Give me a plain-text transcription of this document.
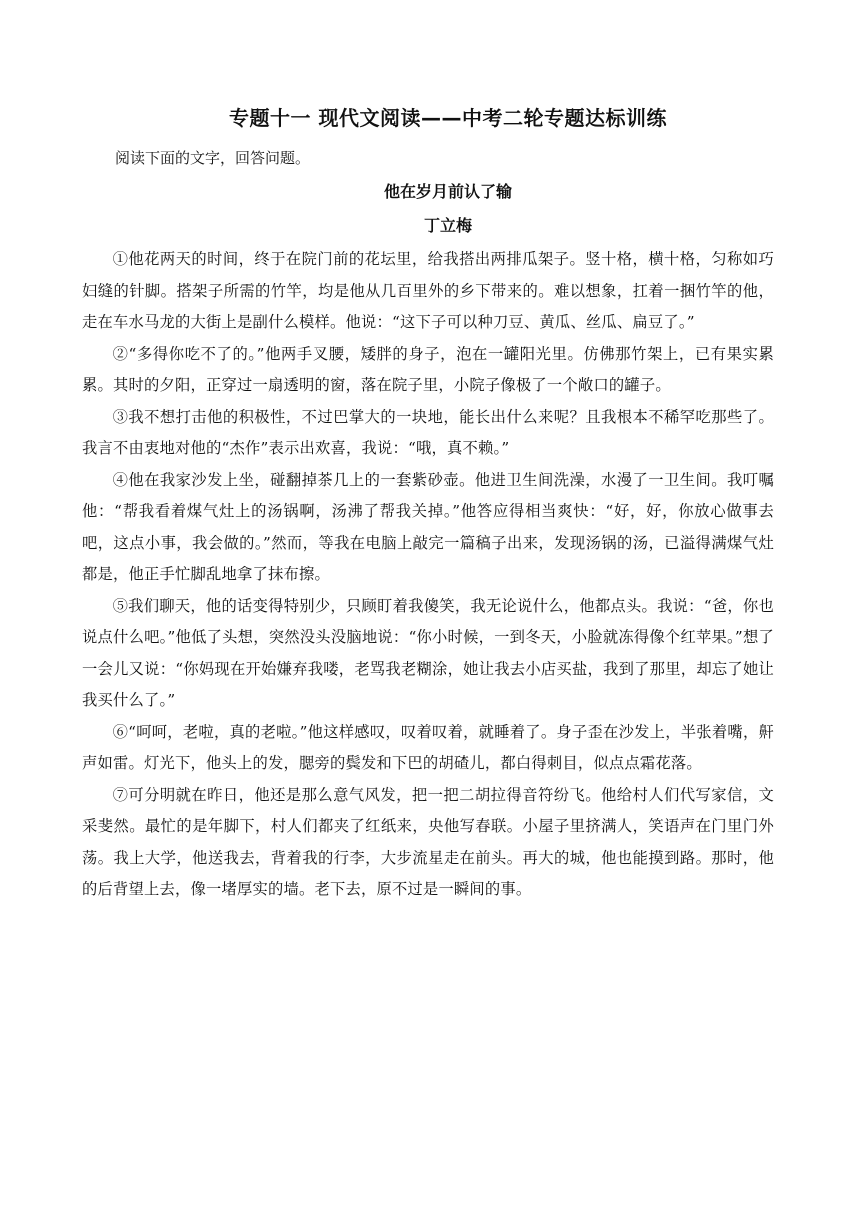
专题十一 现代文阅读——中考二轮专题达标训练

阅读下面的文字，回答问题。

他在岁月前认了输
丁立梅

①他花两天的时间，终于在院门前的花坛里，给我搭出两排瓜架子。竖十格，横十格，匀称如巧妇缝的针脚。搭架子所需的竹竿，均是他从几百里外的乡下带来的。难以想象，扛着一捆竹竿的他，走在车水马龙的大街上是副什么模样。他说：“这下子可以种刀豆、黄瓜、丝瓜、扁豆了。”

②“多得你吃不了的。”他两手叉腰，矮胖的身子，泡在一罐阳光里。仿佛那竹架上，已有果实累累。其时的夕阳，正穿过一扇透明的窗，落在院子里，小院子像极了一个敞口的罐子。

③我不想打击他的积极性，不过巴掌大的一块地，能长出什么来呢？且我根本不稀罕吃那些了。我言不由衷地对他的“杰作”表示出欢喜，我说：“哦，真不赖。”

④他在我家沙发上坐，碰翻掉茶几上的一套紫砂壶。他进卫生间洗澡，水漫了一卫生间。我叮嘱他：“帮我看着煤气灶上的汤锅啊，汤沸了帮我关掉。”他答应得相当爽快：“好，好，你放心做事去吧，这点小事，我会做的。”然而，等我在电脑上敲完一篇稿子出来，发现汤锅的汤，已溢得满煤气灶都是，他正手忙脚乱地拿了抹布擦。

⑤我们聊天，他的话变得特别少，只顾盯着我傻笑，我无论说什么，他都点头。我说：“爸，你也说点什么吧。”他低了头想，突然没头没脑地说：“你小时候，一到冬天，小脸就冻得像个红苹果。”想了一会儿又说：“你妈现在开始嫌弃我喽，老骂我老糊涂，她让我去小店买盐，我到了那里，却忘了她让我买什么了。”

⑥“呵呵，老啦，真的老啦。”他这样感叹，叹着叹着，就睡着了。身子歪在沙发上，半张着嘴，鼾声如雷。灯光下，他头上的发，腮旁的鬓发和下巴的胡碴儿，都白得刺目，似点点霜花落。

⑦可分明就在昨日，他还是那么意气风发，把一把二胡拉得音符纷飞。他给村人们代写家信，文采斐然。最忙的是年脚下，村人们都夹了红纸来，央他写春联。小屋子里挤满人，笑语声在门里门外荡。我上大学，他送我去，背着我的行李，大步流星走在前头。再大的城，他也能摸到路。那时，他的后背望上去，像一堵厚实的墙。老下去，原不过是一瞬间的事。
